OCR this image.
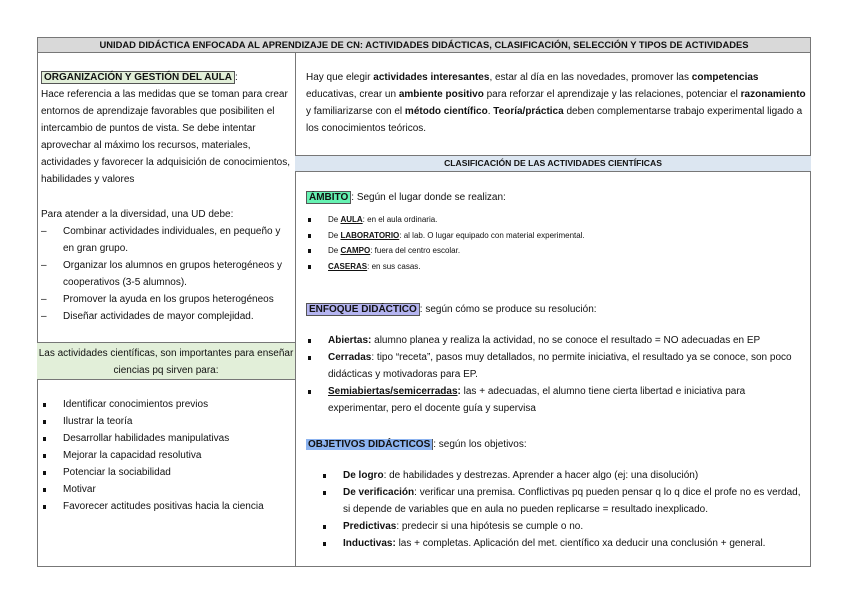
UNIDAD DIDÁCTICA ENFOCADA AL APRENDIZAJE DE CN: ACTIVIDADES DIDÁCTICAS, CLASIFICACIÓN, SELECCIÓN Y TIPOS DE ACTIVIDADES

ORGANIZACIÓN Y GESTIÓN DEL AULA :

Hace referencia a las medidas que se toman para crear entornos de aprendizaje favorables que posibiliten el intercambio de puntos de vista. Se debe intentar aprovechar al máximo los recursos, materiales, actividades y favorecer la adquisición de conocimientos, habilidades y valores

Para atender a la diversidad, una UD debe:

– Combinar actividades individuales, en pequeño y en gran grupo.
– Organizar los alumnos en grupos heterogéneos y cooperativos (3-5 alumnos).
– Promover la ayuda en los grupos heterogéneos
– Diseñar actividades de mayor complejidad.
Las actividades científicas, son importantes para enseñar ciencias pq sirven para:
Identificar conocimientos previos
Ilustrar la teoría
Desarrollar habilidades manipulativas
Mejorar la capacidad resolutiva
Potenciar la sociabilidad
Motivar
Favorecer actitudes positivas hacia la ciencia

Hay que elegir actividades interesantes, estar al día en las novedades, promover las competencias educativas, crear un ambiente positivo para reforzar el aprendizaje y las relaciones, potenciar el razonamiento y familiarizarse con el método científico. Teoría/práctica deben complementarse trabajo experimental ligado a los conocimientos teóricos.

CLASIFICACIÓN DE LAS ACTIVIDADES CIENTÍFICAS

ÁMBITO : Según el lugar donde se realizan:

De AULA: en el aula ordinaria.
De LABORATORIO: al lab. O lugar equipado con material experimental.
De CAMPO: fuera del centro escolar.
CASERAS: en sus casas.

ENFOQUE DIDÁCTICO : según cómo se produce su resolución:

Abiertas: alumno planea y realiza la actividad, no se conoce el resultado = NO adecuadas en EP
Cerradas: tipo “receta”, pasos muy detallados, no permite iniciativa, el resultado ya se conoce, son poco didácticas y motivadoras para EP.
Semiabiertas/semicerradas: las + adecuadas, el alumno tiene cierta libertad e iniciativa para experimentar, pero el docente guía y supervisa

OBJETIVOS DIDÁCTICOS : según los objetivos:

De logro: de habilidades y destrezas. Aprender a hacer algo (ej: una disolución)
De verificación: verificar una premisa. Conflictivas pq pueden pensar q lo q dice el profe no es verdad, si depende de variables que en aula no pueden replicarse = resultado inexplicado.
Predictivas: predecir si una hipótesis se cumple o no.
Inductivas: las + completas. Aplicación del met. científico xa deducir una conclusión + general.
